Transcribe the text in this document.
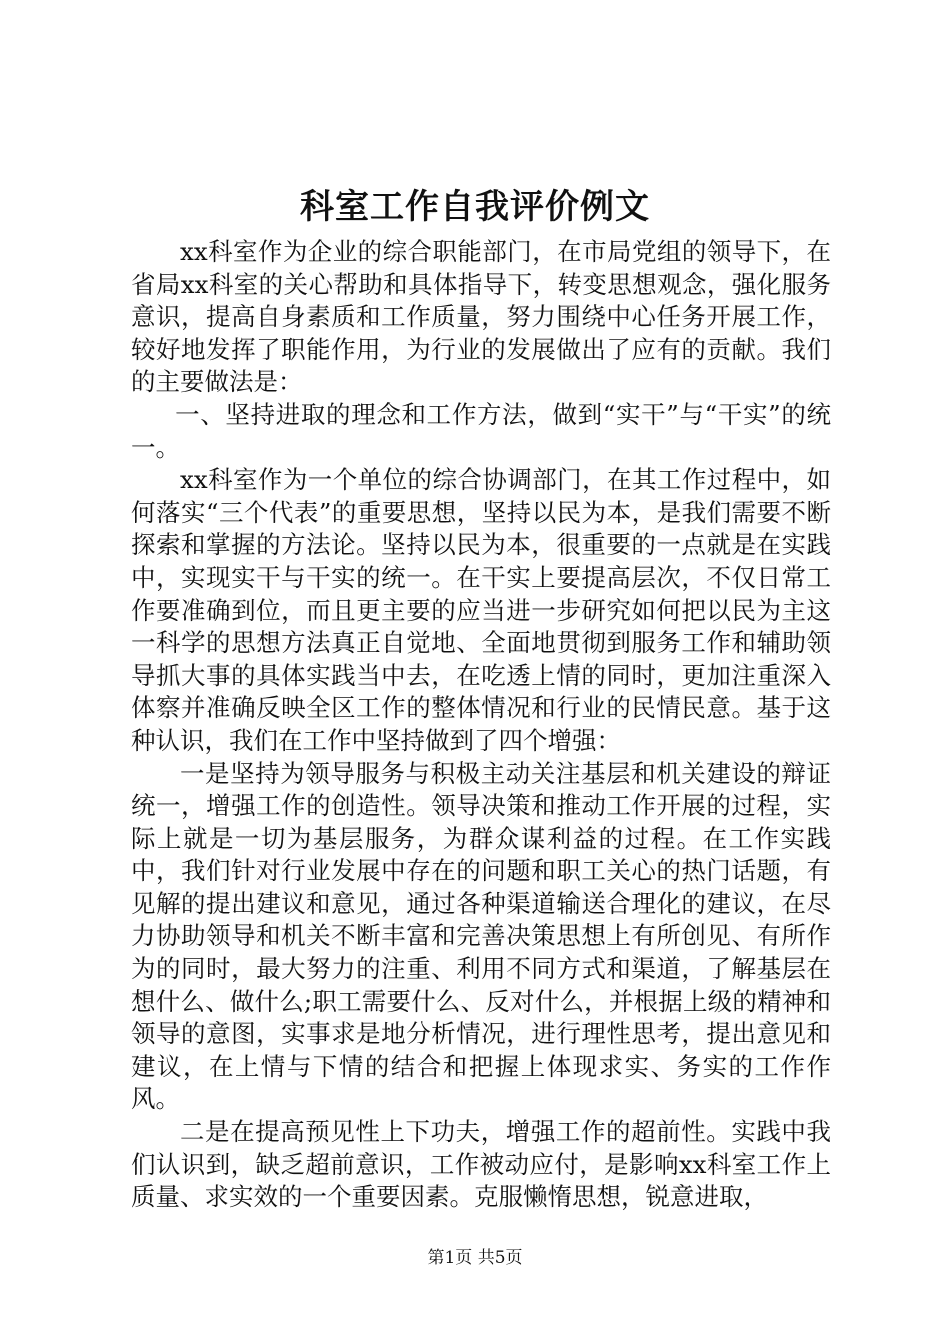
科室工作自我评价例文

xx科室作为企业的综合职能部门，在市局党组的领导下，在省局xx科室的关心帮助和具体指导下，转变思想观念，强化服务意识，提高自身素质和工作质量，努力围绕中心任务开展工作，较好地发挥了职能作用，为行业的发展做出了应有的贡献。我们的主要做法是：

一、坚持进取的理念和工作方法，做到“实干”与“干实”的统一。

xx科室作为一个单位的综合协调部门，在其工作过程中，如何落实“三个代表”的重要思想，坚持以民为本，是我们需要不断探索和掌握的方法论。坚持以民为本，很重要的一点就是在实践中，实现实干与干实的统一。在干实上要提高层次，不仅日常工作要准确到位，而且更主要的应当进一步研究如何把以民为主这一科学的思想方法真正自觉地、全面地贯彻到服务工作和辅助领导抓大事的具体实践当中去，在吃透上情的同时，更加注重深入体察并准确反映全区工作的整体情况和行业的民情民意。基于这种认识，我们在工作中坚持做到了四个增强：

一是坚持为领导服务与积极主动关注基层和机关建设的辩证统一，增强工作的创造性。领导决策和推动工作开展的过程，实际上就是一切为基层服务，为群众谋利益的过程。在工作实践中，我们针对行业发展中存在的问题和职工关心的热门话题，有见解的提出建议和意见，通过各种渠道输送合理化的建议，在尽力协助领导和机关不断丰富和完善决策思想上有所创见、有所作为的同时，最大努力的注重、利用不同方式和渠道，了解基层在想什么、做什么;职工需要什么、反对什么，并根据上级的精神和领导的意图，实事求是地分析情况，进行理性思考，提出意见和建议，在上情与下情的结合和把握上体现求实、务实的工作作风。

二是在提高预见性上下功夫，增强工作的超前性。实践中我们认识到，缺乏超前意识，工作被动应付，是影响xx科室工作上质量、求实效的一个重要因素。克服懒惰思想，锐意进取，

第1页 共5页
